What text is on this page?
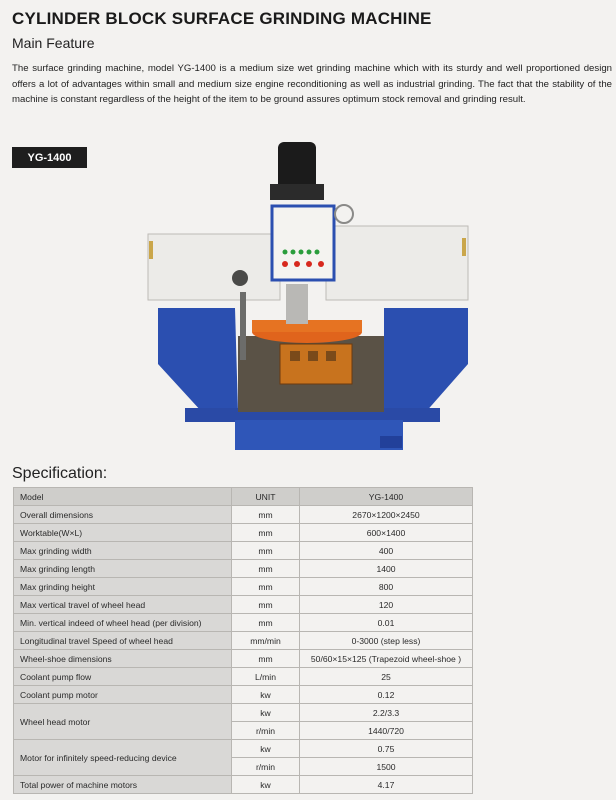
CYLINDER BLOCK SURFACE GRINDING MACHINE
Main Feature
The surface grinding machine, model YG-1400 is a medium size wet grinding machine which with its sturdy and well proportioned design offers a lot of advantages within small and medium size engine reconditioning as well as industrial grinding. The fact that the stability of the machine is constant regardless of the height of the item to be ground assures optimum stock removal and grinding result.
YG-1400
Specification:
Model	UNIT	YG-1400
Overall dimensions	mm	2670×1200×2450
Worktable(W×L)	mm	600×1400
Max grinding width	mm	400
Max grinding length	mm	1400
Max grinding height	mm	800
Max vertical travel of wheel head	mm	120
Min. vertical indeed of wheel head (per division)	mm	0.01
Longitudinal travel Speed of wheel head	mm/min	0-3000 (step less)
Wheel-shoe dimensions	mm	50/60×15×125 (Trapezoid wheel-shoe )
Coolant pump flow	L/min	25
Coolant pump motor	kw	0.12
Wheel head motor	kw	2.2/3.3
	r/min	1440/720
Motor for infinitely speed-reducing device	kw	0.75
	r/min	1500
Total power of machine motors	kw	4.17
